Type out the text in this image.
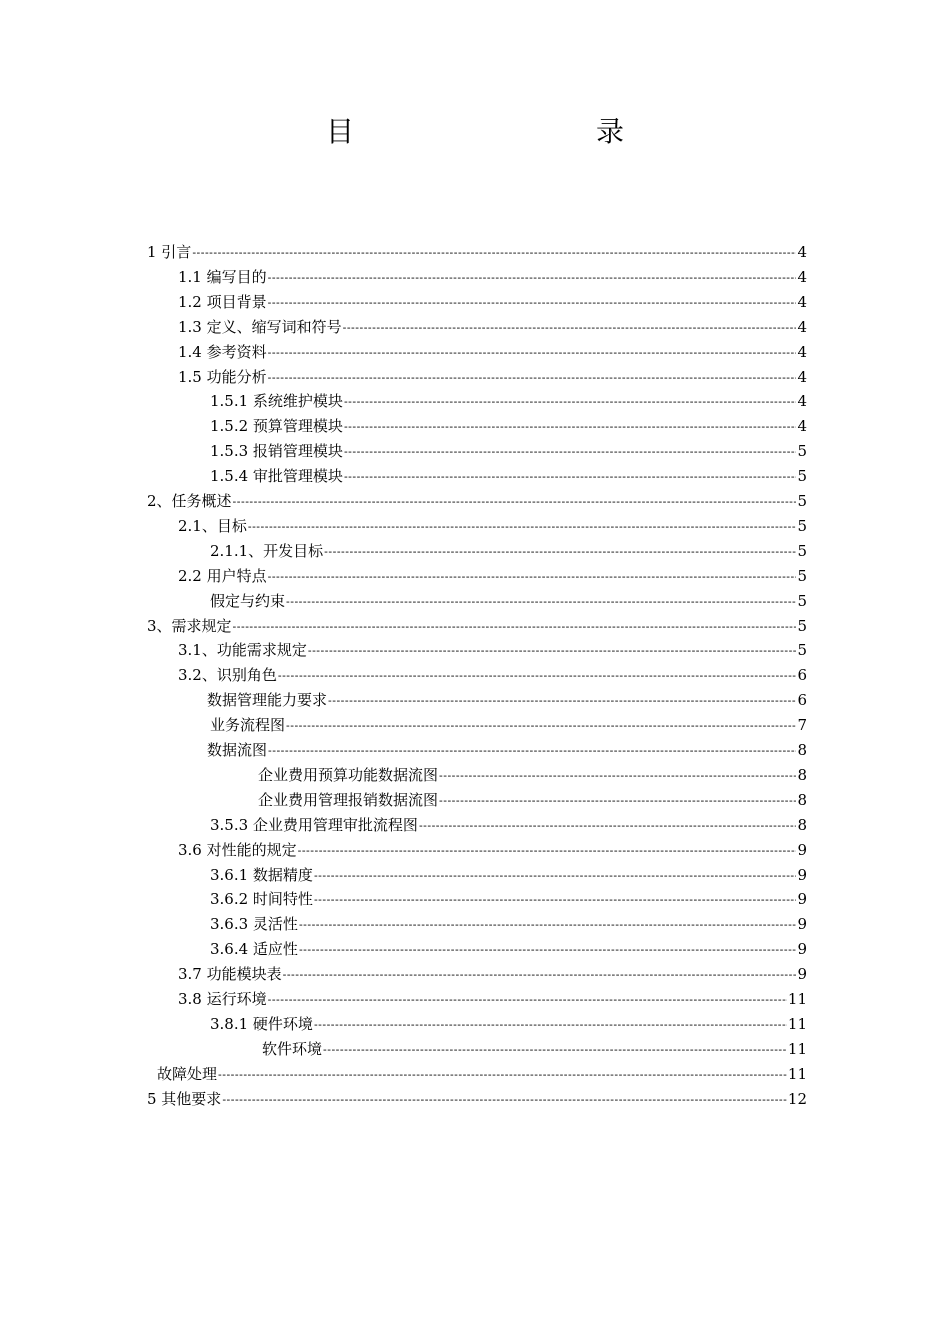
目　　录
1 引言 -----	4
1.1 编写目的 -----	4
1.2 项目背景 -----	4
1.3 定义、缩写词和符号 -----	4
1.4 参考资料 -----	4
1.5 功能分析 -----	4
1.5.1 系统维护模块 -----	4
1.5.2 预算管理模块 -----	4
1.5.3 报销管理模块 -----	5
1.5.4 审批管理模块 -----	5
2、任务概述 -----	5
2.1、目标 -----	5
2.1.1、开发目标 -----	5
2.2 用户特点 -----	5
假定与约束 -----	5
3、需求规定 -----	5
3.1、功能需求规定 -----	5
3.2、识别角色 -----	6
数据管理能力要求 -----	6
业务流程图 -----	7
数据流图 -----	8
企业费用预算功能数据流图 -----	8
企业费用管理报销数据流图 -----	8
3.5.3 企业费用管理审批流程图 -----	8
3.6 对性能的规定 -----	9
3.6.1 数据精度 -----	9
3.6.2 时间特性 -----	9
3.6.3 灵活性 -----	9
3.6.4 适应性 -----	9
3.7 功能模块表 -----	9
3.8 运行环境 -----	11
3.8.1 硬件环境 -----	11
软件环境 -----	11
故障处理 -----	11
5 其他要求 -----	12
